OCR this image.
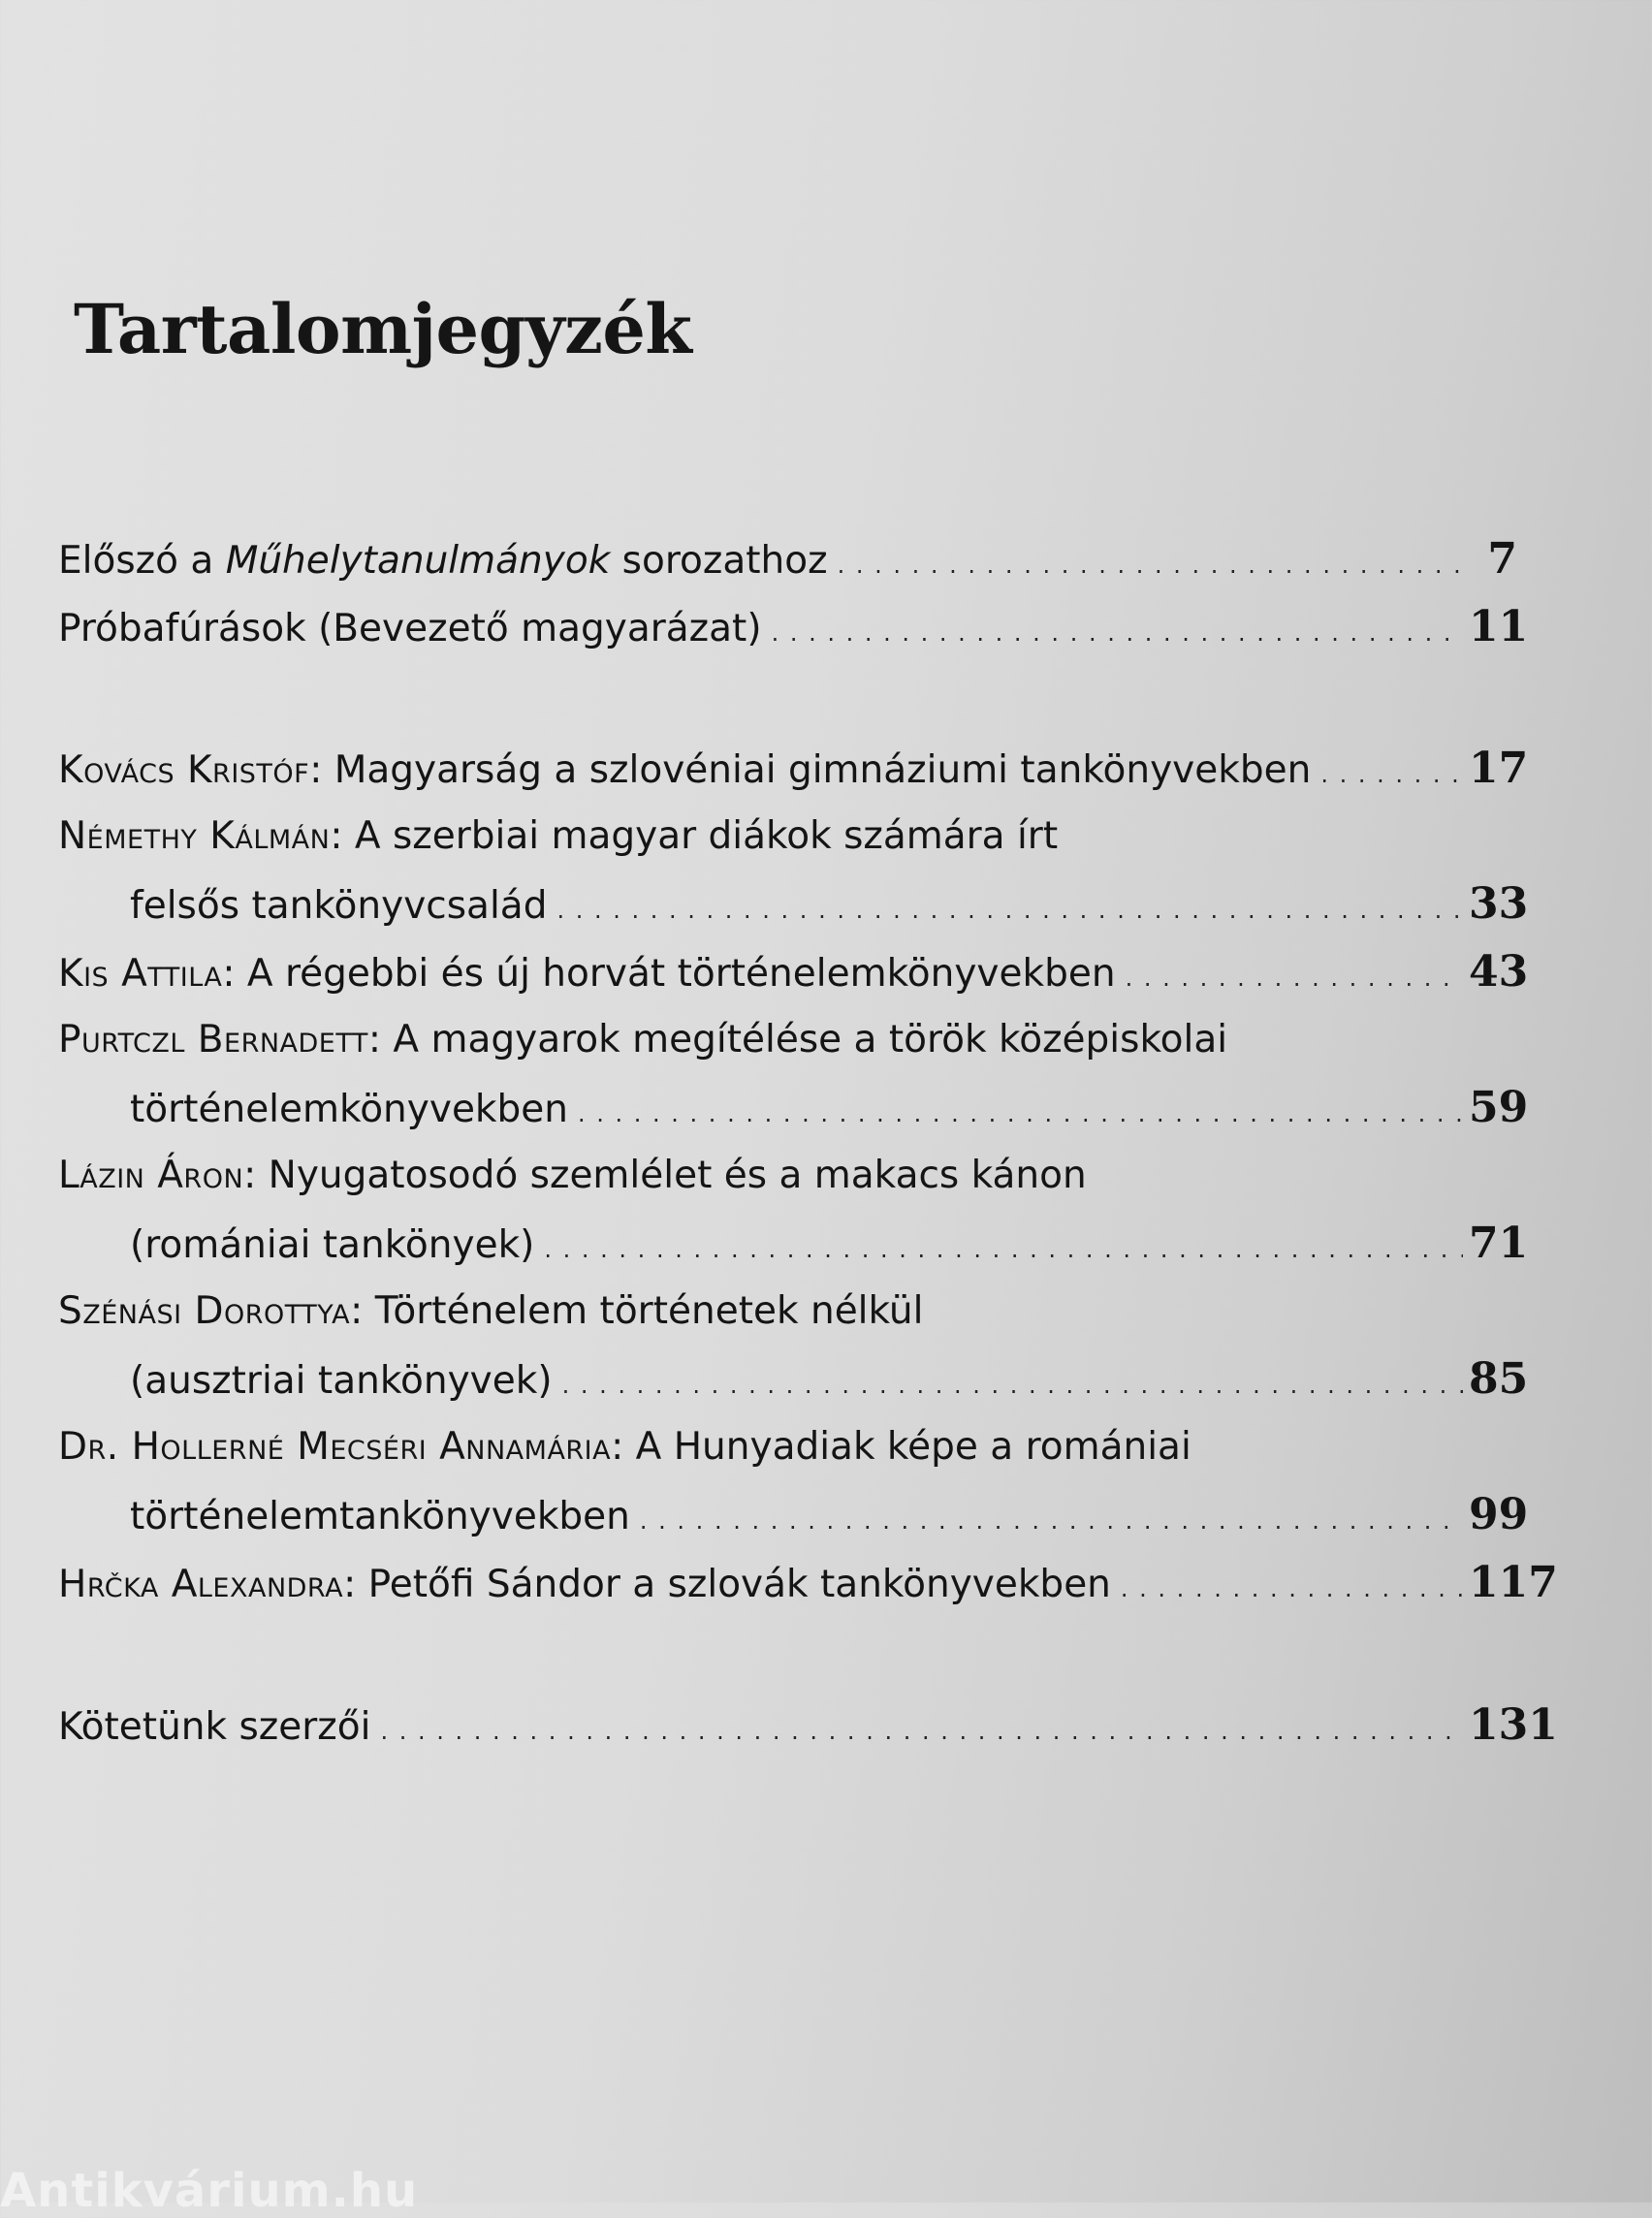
Tartalomjegyzék
Előszó a Műhelytanulmányok sorozathoz . . .	7
Próbafúrások (Bevezető magyarázat) . . .	11
Kovács Kristóf: Magyarság a szlovéniai gimnáziumi tankönyvekben . . .	17
Némethy Kálmán: A szerbiai magyar diákok számára írt
felsős tankönyvcsalád . . .	33
Kis Attila: A régebbi és új horvát történelemkönyvekben . . .	43
Purtczl Bernadett: A magyarok megítélése a török középiskolai
történelemkönyvekben . . .	59
Lázin Áron: Nyugatosodó szemlélet és a makacs kánon
(romániai tankönyek) . . .	71
Szénási Dorottya: Történelem történetek nélkül
(ausztriai tankönyvek) . . .	85
Dr. Hollerné Mecséri Annamária: A Hunyadiak képe a romániai
történelemtankönyvekben . . .	99
Hrčka Alexandra: Petőfi Sándor a szlovák tankönyvekben . . .	117
Kötetünk szerzői . . .	131
Antikvárium.hu
